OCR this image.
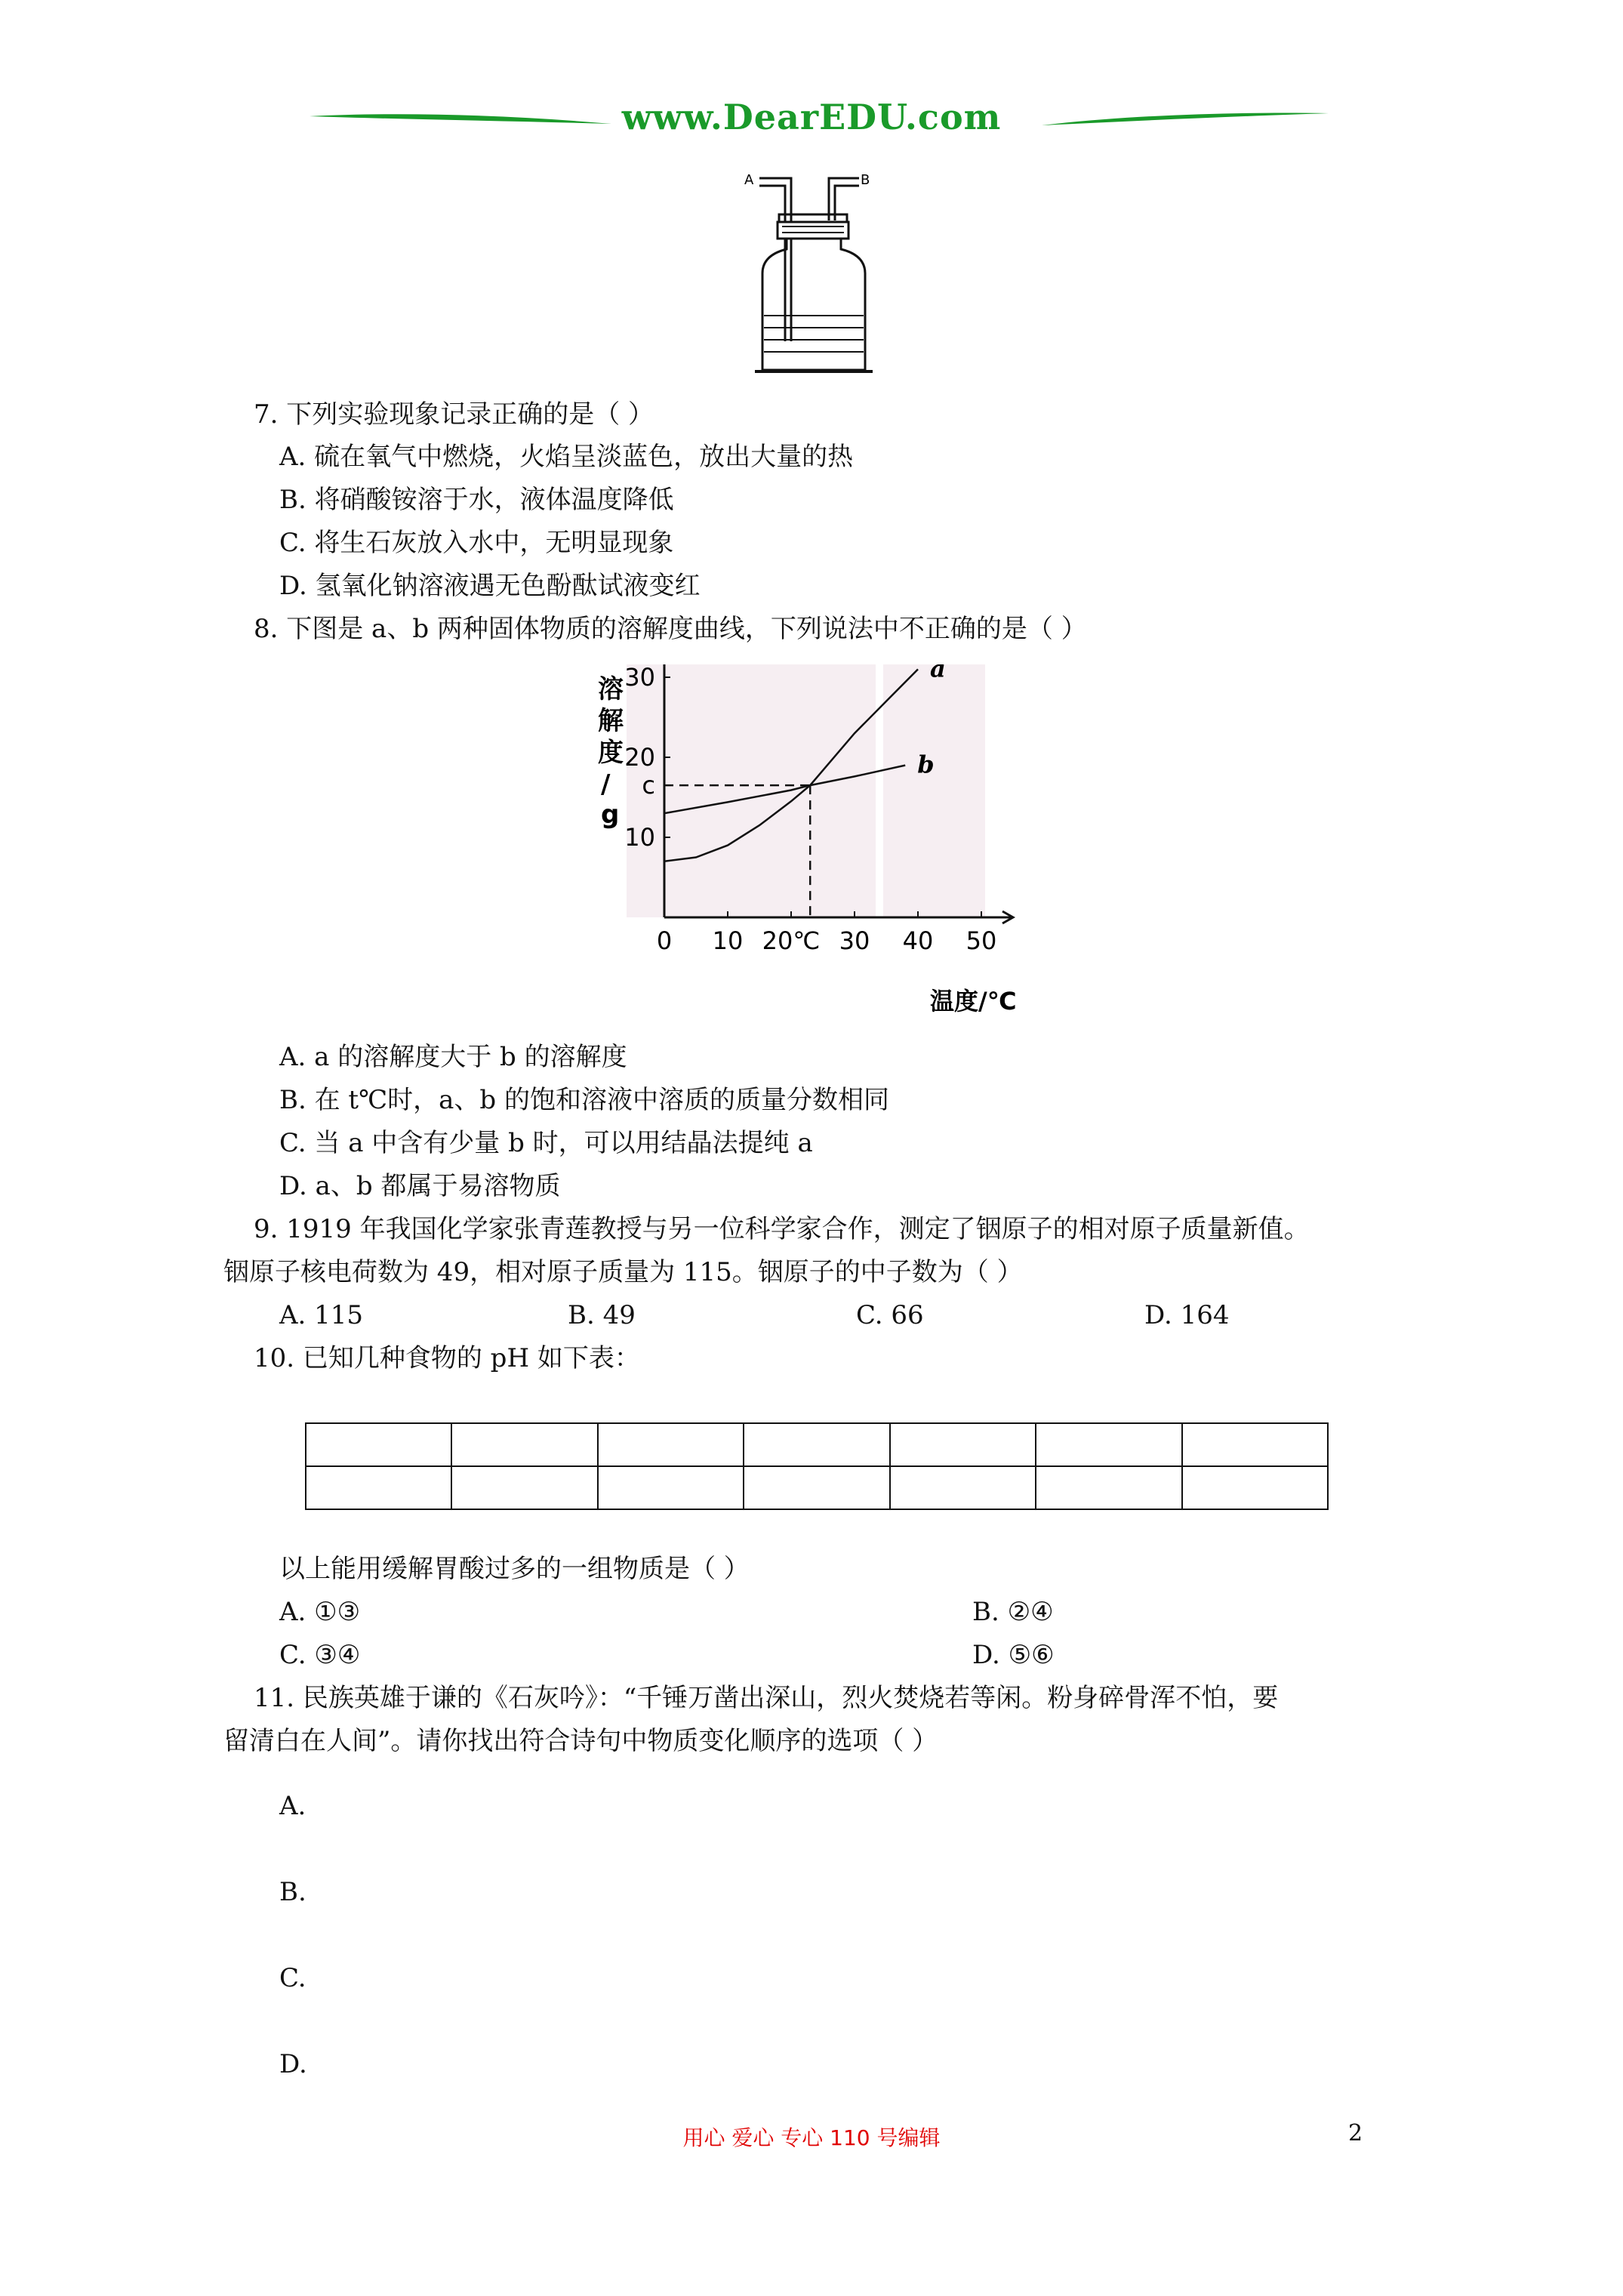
www.DearEDU.com
A	B
7. 下列实验现象记录正确的是（ ）
A. 硫在氧气中燃烧，火焰呈淡蓝色，放出大量的热
B. 将硝酸铵溶于水，液体温度降低
C. 将生石灰放入水中，无明显现象
D. 氢氧化钠溶液遇无色酚酞试液变红
8. 下图是 a、b 两种固体物质的溶解度曲线，下列说法中不正确的是（ ）
溶
解
度
/
g
温度/℃
0 10 20℃ 30 40 50
10
c
20
30	a
b
A. a 的溶解度大于 b 的溶解度
B. 在 t℃时，a、b 的饱和溶液中溶质的质量分数相同
C. 当 a 中含有少量 b 时，可以用结晶法提纯 a
D. a、b 都属于易溶物质
9. 1919 年我国化学家张青莲教授与另一位科学家合作，测定了铟原子的相对原子质量新值。
铟原子核电荷数为 49，相对原子质量为 115。铟原子的中子数为（ ）
A. 115	B. 49	C. 66	D. 164
10. 已知几种食物的 pH 如下表：

以上能用缓解胃酸过多的一组物质是（ ）
A. ①③	B. ②④
C. ③④	D. ⑤⑥
11. 民族英雄于谦的《石灰吟》：“千锤万凿出深山，烈火焚烧若等闲。粉身碎骨浑不怕，要
留清白在人间”。请你找出符合诗句中物质变化顺序的选项（ ）
A.
B.
C.
D.
用心 爱心 专心 110 号编辑	2
